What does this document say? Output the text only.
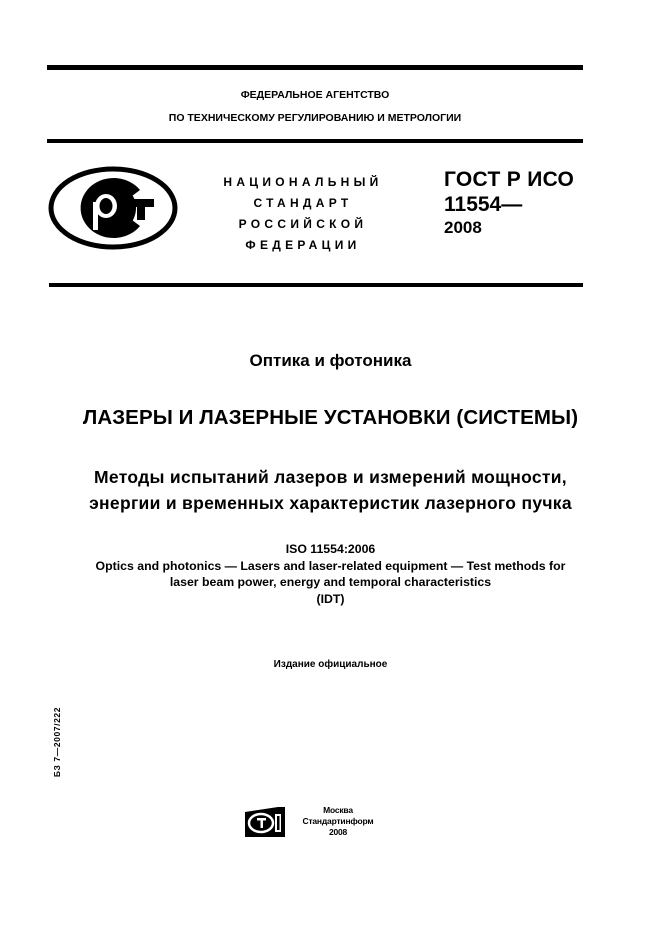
ФЕДЕРАЛЬНОЕ АГЕНТСТВО
ПО ТЕХНИЧЕСКОМУ РЕГУЛИРОВАНИЮ И МЕТРОЛОГИИ
НАЦИОНАЛЬНЫЙ
СТАНДАРТ
РОССИЙСКОЙ
ФЕДЕРАЦИИ
ГОСТ Р ИСО
11554—
2008
Оптика и фотоника
ЛАЗЕРЫ И ЛАЗЕРНЫЕ УСТАНОВКИ (СИСТЕМЫ)
Методы испытаний лазеров и измерений мощности,
энергии и временных характеристик лазерного пучка
ISO 11554:2006
Optics and photonics — Lasers and laser-related equipment — Test methods for
laser beam power, energy and temporal characteristics
(IDT)
Издание официальное
БЗ 7—2007/222
Москва
Стандартинформ
2008
